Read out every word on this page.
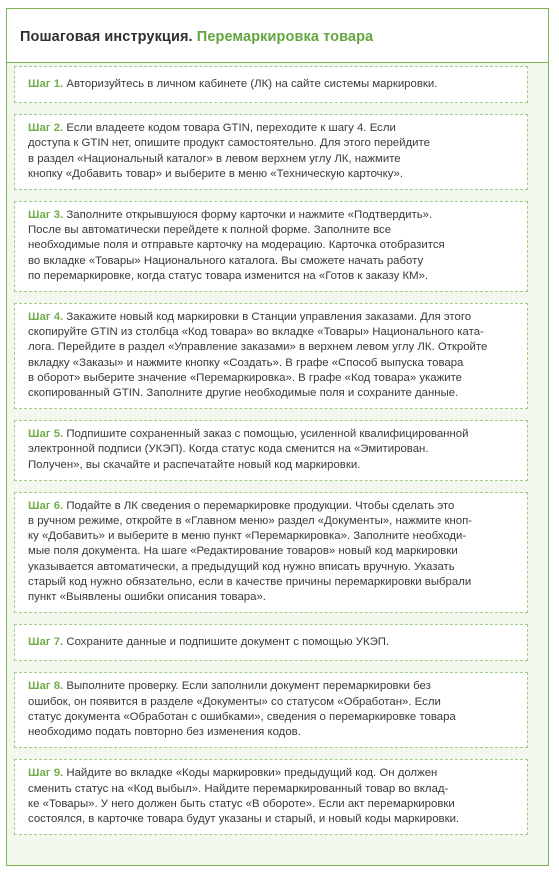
Пошаговая инструкция. Перемаркировка товара
Шаг 1. Авторизуйтесь в личном кабинете (ЛК) на сайте системы маркировки.
Шаг 2. Если владеете кодом товара GTIN, переходите к шагу 4. Если
доступа к GTIN нет, опишите продукт самостоятельно. Для этого перейдите
в раздел «Национальный каталог» в левом верхнем углу ЛК, нажмите
кнопку «Добавить товар» и выберите в меню «Техническую карточку».
Шаг 3. Заполните открывшуюся форму карточки и нажмите «Подтвердить».
После вы автоматически перейдете к полной форме. Заполните все
необходимые поля и отправьте карточку на модерацию. Карточка отобразится
во вкладке «Товары» Национального каталога. Вы сможете начать работу
по перемаркировке, когда статус товара изменится на «Готов к заказу КМ».
Шаг 4. Закажите новый код маркировки в Станции управления заказами. Для этого
скопируйте GTIN из столбца «Код товара» во вкладке «Товары» Национального ката-
лога. Перейдите в раздел «Управление заказами» в верхнем левом углу ЛК. Откройте
вкладку «Заказы» и нажмите кнопку «Создать». В графе «Способ выпуска товара
в оборот» выберите значение «Перемаркировка». В графе «Код товара» укажите
скопированный GTIN. Заполните другие необходимые поля и сохраните данные.
Шаг 5. Подпишите сохраненный заказ с помощью, усиленной квалифицированной
электронной подписи (УКЭП). Когда статус кода сменится на «Эмитирован.
Получен», вы скачайте и распечатайте новый код маркировки.
Шаг 6. Подайте в ЛК сведения о перемаркировке продукции. Чтобы сделать это
в ручном режиме, откройте в «Главном меню» раздел «Документы», нажмите кноп-
ку «Добавить» и выберите в меню пункт «Перемаркировка». Заполните необходи-
мые поля документа. На шаге «Редактирование товаров» новый код маркировки
указывается автоматически, а предыдущий код нужно вписать вручную. Указать
старый код нужно обязательно, если в качестве причины перемаркировки выбрали
пункт «Выявлены ошибки описания товара».
Шаг 7. Сохраните данные и подпишите документ с помощью УКЭП.
Шаг 8. Выполните проверку. Если заполнили документ перемаркировки без
ошибок, он появится в разделе «Документы» со статусом «Обработан». Если
статус документа «Обработан с ошибками», сведения о перемаркировке товара
необходимо подать повторно без изменения кодов.
Шаг 9. Найдите во вкладке «Коды маркировки» предыдущий код. Он должен
сменить статус на «Код выбыл». Найдите перемаркированный товар во вклад-
ке «Товары». У него должен быть статус «В обороте». Если акт перемаркировки
состоялся, в карточке товара будут указаны и старый, и новый коды маркировки.
